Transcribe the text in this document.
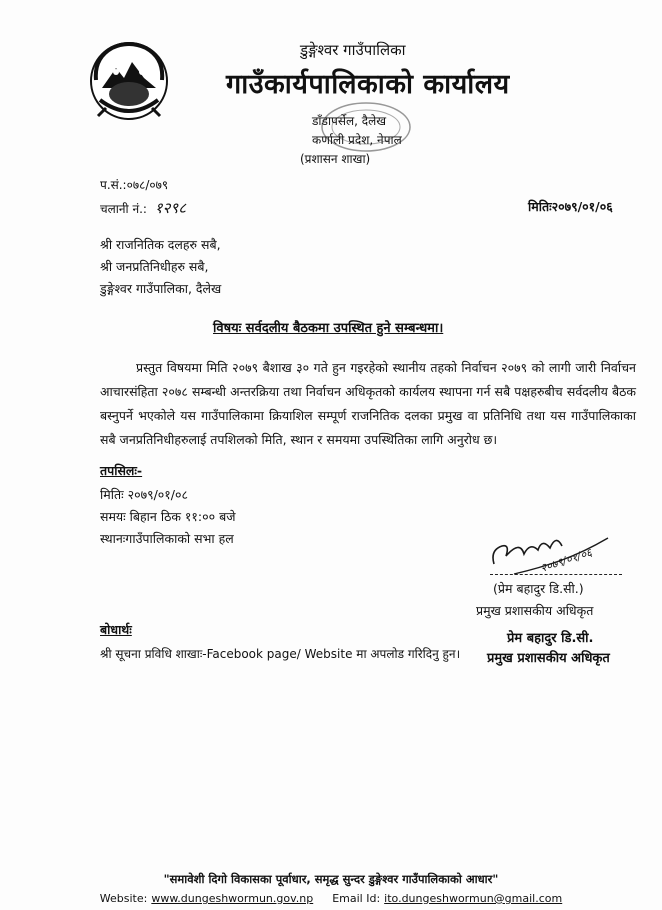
डुङ्गेश्वर गाउँपालिका
गाउँकार्यपालिकाको कार्यालय
डाँडापर्सेल, दैलेख
कर्णाली प्रदेश, नेपाल
(प्रशासन शाखा)
प.सं.:०७८/०७९
चलानी नं.: १२९८	मितिः२०७९/०१/०६
श्री राजनितिक दलहरु सबै,
श्री जनप्रतिनिधीहरु सबै,
डुङ्गेश्वर गाउँपालिका, दैलेख
विषयः सर्वदलीय बैठकमा उपस्थित हुने सम्बन्धमा।
प्रस्तुत विषयमा मिति २०७९ बैशाख ३० गते हुन गइरहेको स्थानीय तहको निर्वाचन २०७९ को लागी जारी निर्वाचन आचारसंहिता २०७८ सम्बन्धी अन्तरक्रिया तथा निर्वाचन अधिकृतको कार्यलय स्थापना गर्न सबै पक्षहरुबीच सर्वदलीय बैठक बस्नुपर्ने भएकोले यस गाउँपालिकामा क्रियाशिल सम्पूर्ण राजनितिक दलका प्रमुख वा प्रतिनिधि तथा यस गाउँपालिकाका सबै जनप्रतिनिधीहरुलाई तपशिलको मिति, स्थान र समयमा उपस्थितिका लागि अनुरोध छ।
तपसिलः-
मितिः २०७९/०१/०८
समयः बिहान ठिक ११:०० बजे
स्थानःगाउँपालिकाको सभा हल
२०७९/०१/०६
(प्रेम बहादुर डि.सी.)
प्रमुख प्रशासकीय अधिकृत
बोधार्थः
श्री सूचना प्रविधि शाखाः-Facebook page/ Website मा अपलोड गरिदिनु हुन।
प्रेम बहादुर डि.सी.
प्रमुख प्रशासकीय अधिकृत
"समावेशी दिगो विकासका पूर्वाधार, समृद्ध सुन्दर डुङ्गेश्वर गाउँपालिकाको आधार"
Website: www.dungeshwormun.gov.np Email Id: ito.dungeshwormun@gmail.com
